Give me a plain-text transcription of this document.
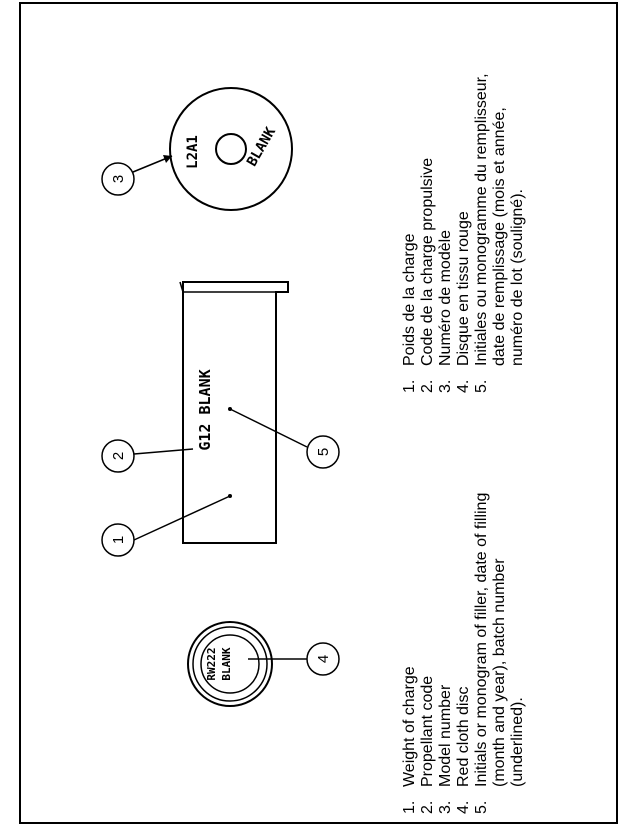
L2A1	BLANK
G12 BLANK
RW222 BLANK
3
2
1
5
4
1.
Weight of charge
2.
Propellant code
3.
Model number
4.
Red cloth disc
5.
Initials or monogram of filler, date of filling (month and year), batch number (underlined).
1.
Poids de la charge
2.
Code de la charge propulsive
3.
Numéro de modèle
4.
Disque en tissu rouge
5.
Initiales ou monogramme du remplisseur, date de remplissage (mois et année, numéro de lot (souligné).
